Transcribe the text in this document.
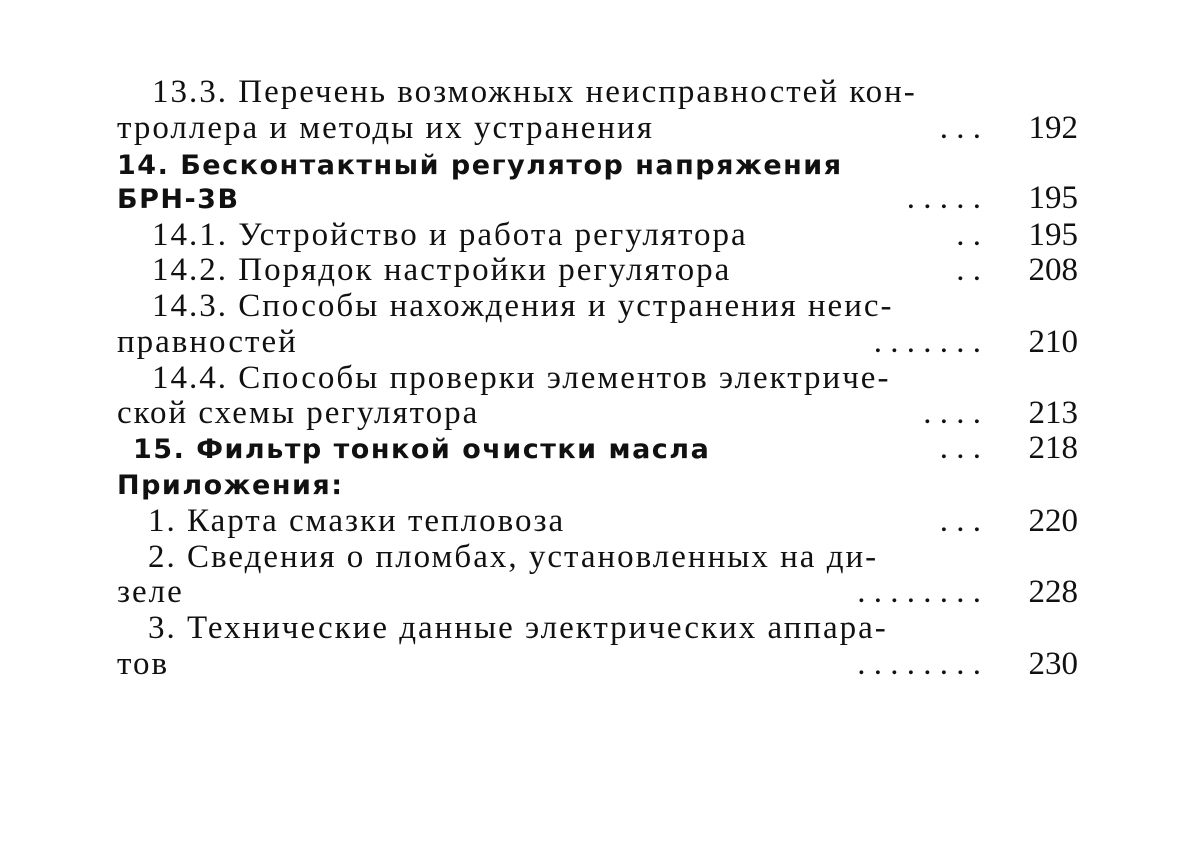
13.3. Перечень возможных неисправностей кон-
троллера и методы их устранения	. . .	192
14. Бесконтактный регулятор напряжения
БРН-3В	. . . . .	195
14.1. Устройство и работа регулятора	. .	195
14.2. Порядок настройки регулятора	. .	208
14.3. Способы нахождения и устранения неис-
правностей	. . . . . . .	210
14.4. Способы проверки элементов электриче-
ской схемы регулятора	. . . .	213
15. Фильтр тонкой очистки масла	. . .	218
Приложения:
1. Карта смазки тепловоза	. . .	220
2. Сведения о пломбах, установленных на ди-
зеле	. . . . . . . .	228
3. Технические данные электрических аппара-
тов	. . . . . . . .	230
